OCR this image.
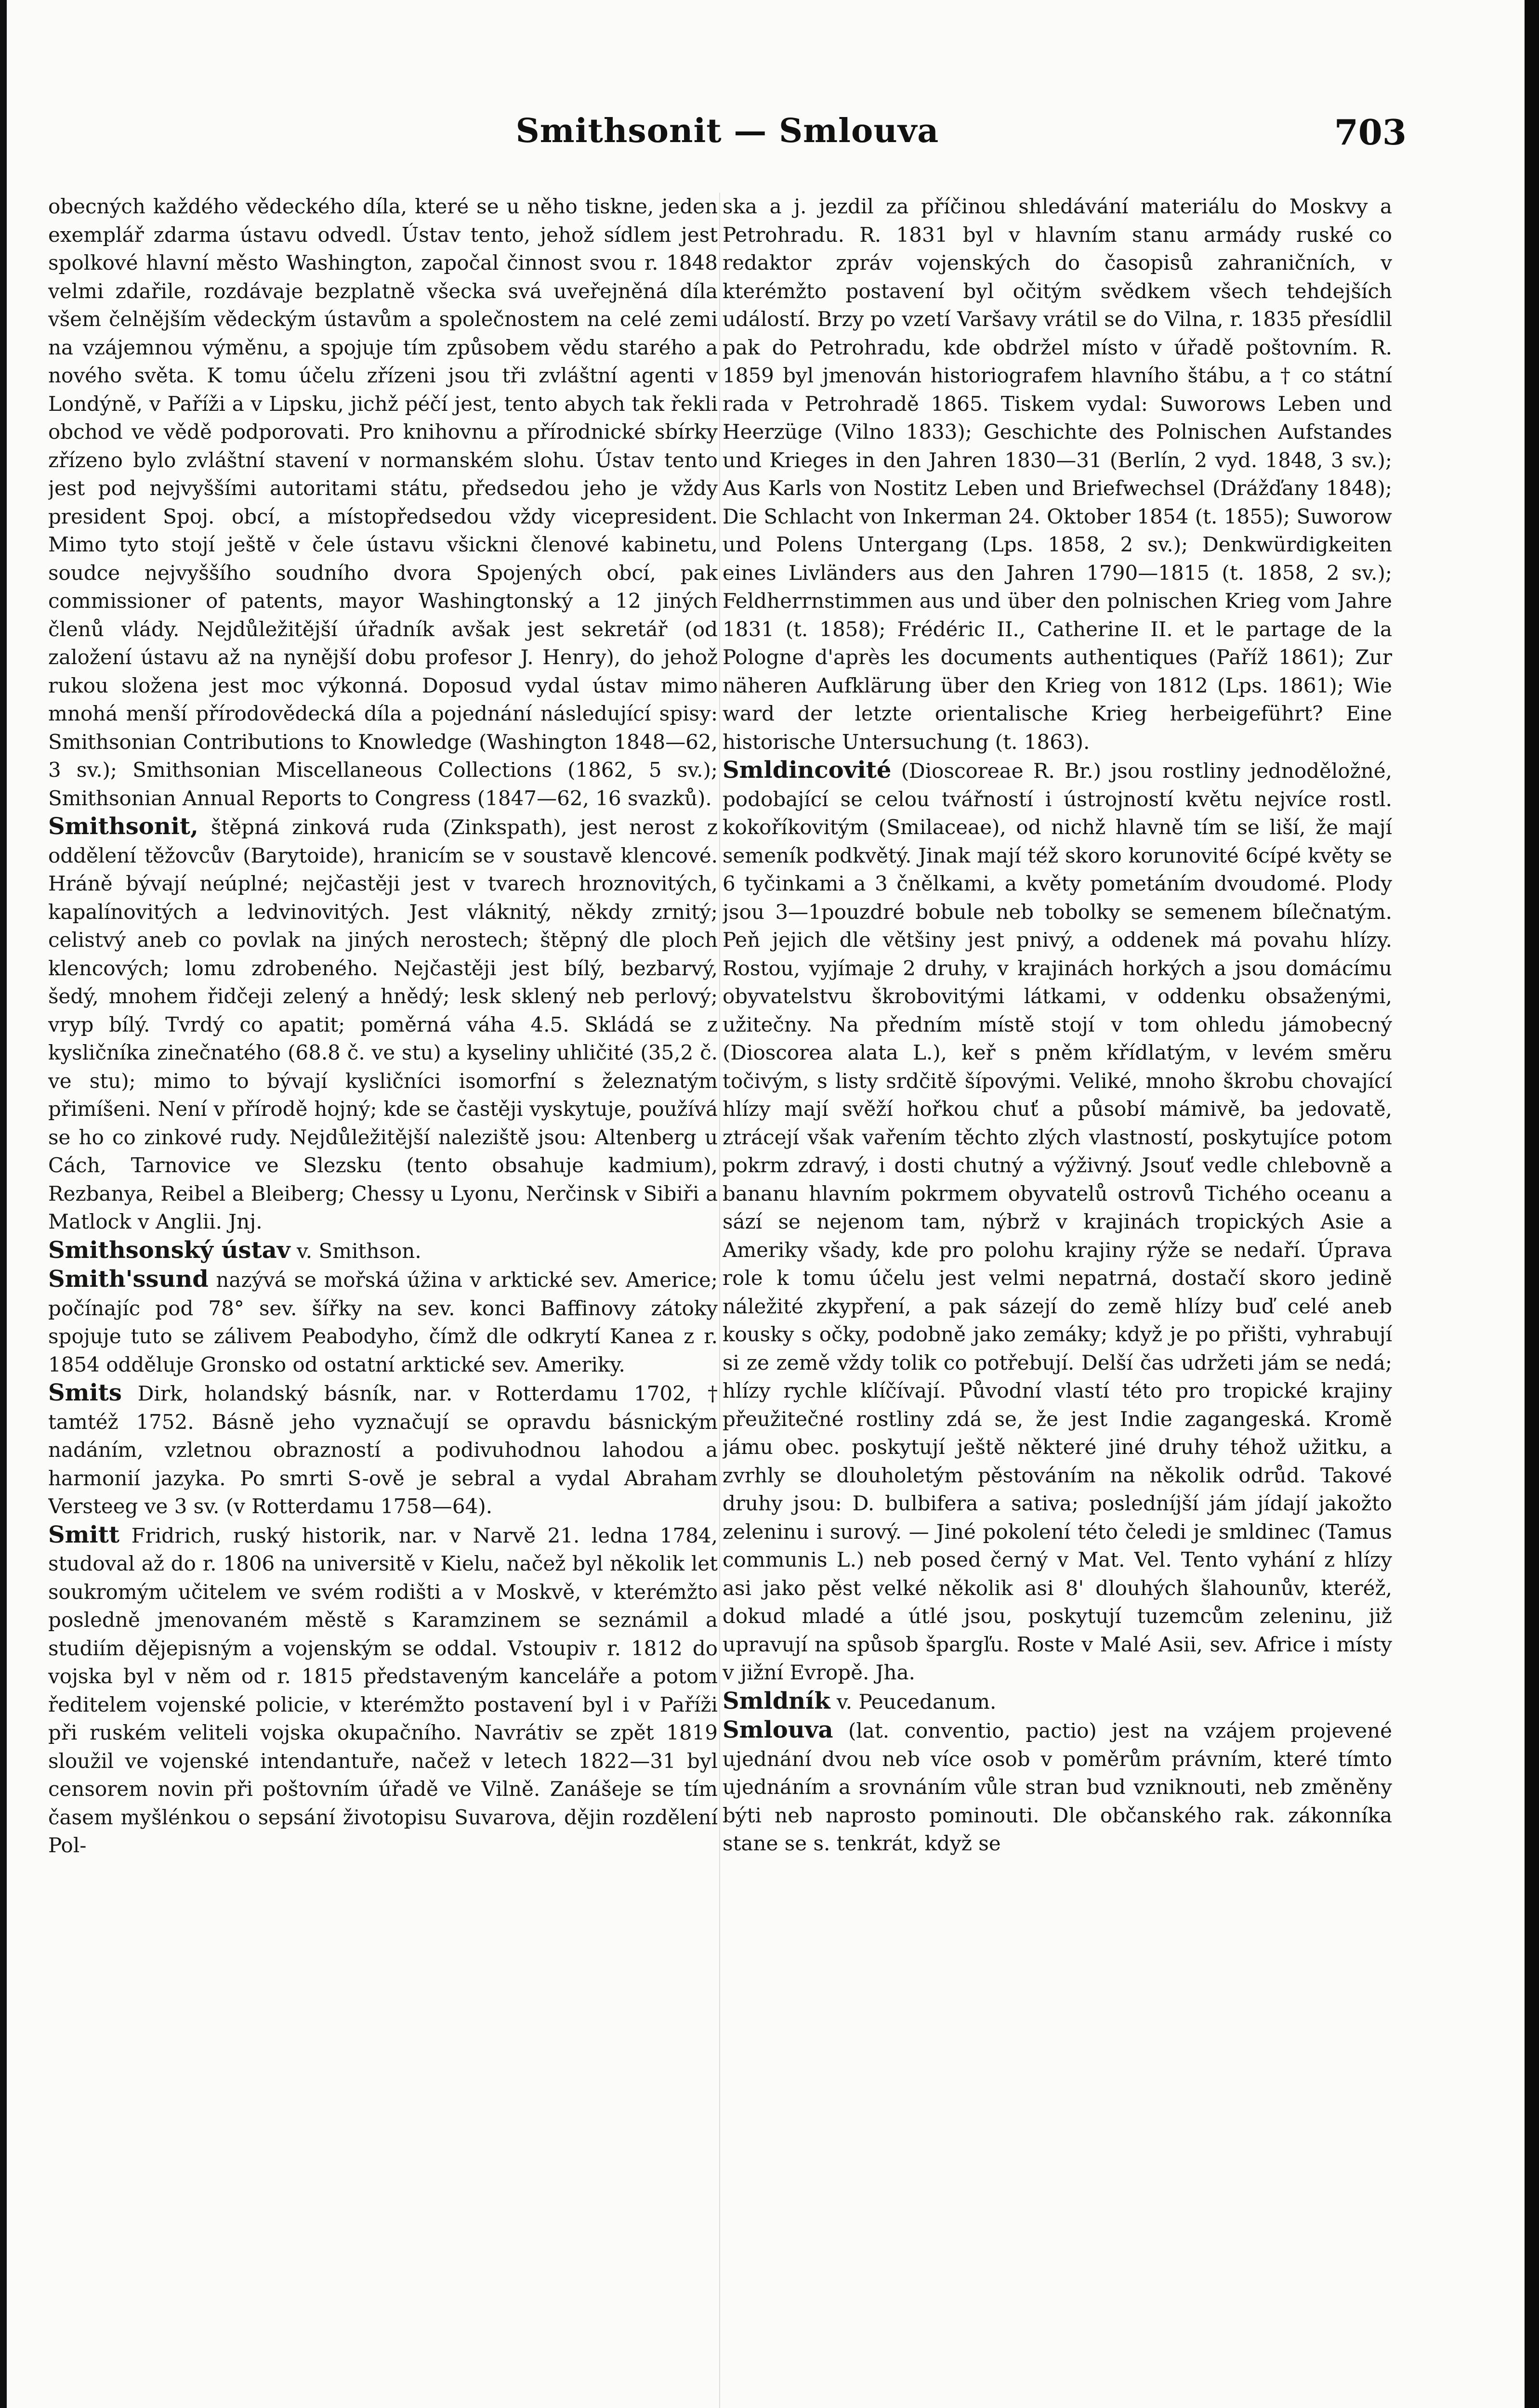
Smithsonit — Smlouva	703

obecných každého vědeckého díla, které se u něho tiskne, jeden exemplář zdarma ústavu odvedl. Ústav tento, jehož sídlem jest spolkové hlavní město Washington, započal činnost svou r. 1848 velmi zdařile, rozdávaje bezplatně všecka svá uveřejněná díla všem čelnějším vědeckým ústavům a společnostem na celé zemi na vzájemnou výměnu, a spojuje tím způsobem vědu starého a nového světa. K tomu účelu zřízeni jsou tři zvláštní agenti v Londýně, v Paříži a v Lipsku, jichž péčí jest, tento abych tak řekli obchod ve vědě podporovati. Pro knihovnu a přírodnické sbírky zřízeno bylo zvláštní stavení v normanském slohu. Ústav tento jest pod nejvyššími autoritami státu, předsedou jeho je vždy president Spoj. obcí, a místopředsedou vždy vicepresident. Mimo tyto stojí ještě v čele ústavu všickni členové kabinetu, soudce nejvyššího soudního dvora Spojených obcí, pak commissioner of patents, mayor Washingtonský a 12 jiných členů vlády. Nejdůležitější úřadník avšak jest sekretář (od založení ústavu až na nynější dobu profesor J. Henry), do jehož rukou složena jest moc výkonná. Doposud vydal ústav mimo mnohá menší přírodovědecká díla a pojednání následující spisy: Smithsonian Contributions to Knowledge (Washington 1848—62, 3 sv.); Smithsonian Miscellaneous Collections (1862, 5 sv.); Smithsonian Annual Reports to Congress (1847—62, 16 svazků).

Smithsonit, štěpná zinková ruda (Zinkspath), jest nerost z oddělení těžovcův (Barytoide), hranicím se v soustavě klencové. Hráně bývají neúplné; nejčastěji jest v tvarech hroznovitých, kapalínovitých a ledvinovitých. Jest vláknitý, někdy zrnitý; celistvý aneb co povlak na jiných nerostech; štěpný dle ploch klencových; lomu zdrobeného. Nejčastěji jest bílý, bezbarvý, šedý, mnohem řidčeji zelený a hnědý; lesk sklený neb perlový; vryp bílý. Tvrdý co apatit; poměrná váha 4.5. Skládá se z kysličníka zinečnatého (68.8 č. ve stu) a kyseliny uhličité (35,2 č. ve stu); mimo to bývají kysličníci isomorfní s železnatým přimíšeni. Není v přírodě hojný; kde se častěji vyskytuje, používá se ho co zinkové rudy. Nejdůležitější naleziště jsou: Altenberg u Cách, Tarnovice ve Slezsku (tento obsahuje kadmium), Rezbanya, Reibel a Bleiberg; Chessy u Lyonu, Nerčinsk v Sibiři a Matlock v Anglii. Jnj.

Smithsonský ústav v. Smithson.

Smith'ssund nazývá se mořská úžina v arktické sev. Americe; počínajíc pod 78° sev. šířky na sev. konci Baffinovy zátoky spojuje tuto se zálivem Peabodyho, čímž dle odkrytí Kanea z r. 1854 odděluje Gronsko od ostatní arktické sev. Ameriky.

Smits Dirk, holandský básník, nar. v Rotterdamu 1702, † tamtéž 1752. Básně jeho vyznačují se opravdu básnickým nadáním, vzletnou obrazností a podivuhodnou lahodou a harmonií jazyka. Po smrti S-ově je sebral a vydal Abraham Versteeg ve 3 sv. (v Rotterdamu 1758—64).

Smitt Fridrich, ruský historik, nar. v Narvě 21. ledna 1784, studoval až do r. 1806 na universitě v Kielu, načež byl několik let soukromým učitelem ve svém rodišti a v Moskvě, v kterémžto posledně jmenovaném městě s Karamzinem se seznámil a studiím dějepisným a vojenským se oddal. Vstoupiv r. 1812 do vojska byl v něm od r. 1815 představeným kanceláře a potom ředitelem vojenské policie, v kterémžto postavení byl i v Paříži při ruském veliteli vojska okupačního. Navrátiv se zpět 1819 sloužil ve vojenské intendantuře, načež v letech 1822—31 byl censorem novin při poštovním úřadě ve Vilně. Zanášeje se tím časem myšlénkou o sepsání životopisu Suvarova, dějin rozdělení Pol-

ska a j. jezdil za příčinou shledávání materiálu do Moskvy a Petrohradu. R. 1831 byl v hlavním stanu armády ruské co redaktor zpráv vojenských do časopisů zahraničních, v kterémžto postavení byl očitým svědkem všech tehdejších událostí. Brzy po vzetí Varšavy vrátil se do Vilna, r. 1835 přesídlil pak do Petrohradu, kde obdržel místo v úřadě poštovním. R. 1859 byl jmenován historiografem hlavního štábu, a † co státní rada v Petrohradě 1865. Tiskem vydal: Suworows Leben und Heerzüge (Vilno 1833); Geschichte des Polnischen Aufstandes und Krieges in den Jahren 1830—31 (Berlín, 2 vyd. 1848, 3 sv.); Aus Karls von Nostitz Leben und Briefwechsel (Drážďany 1848); Die Schlacht von Inkerman 24. Oktober 1854 (t. 1855); Suworow und Polens Untergang (Lps. 1858, 2 sv.); Denkwürdigkeiten eines Livländers aus den Jahren 1790—1815 (t. 1858, 2 sv.); Feldherrnstimmen aus und über den polnischen Krieg vom Jahre 1831 (t. 1858); Frédéric II., Catherine II. et le partage de la Pologne d'après les documents authentiques (Paříž 1861); Zur näheren Aufklärung über den Krieg von 1812 (Lps. 1861); Wie ward der letzte orientalische Krieg herbeigeführt? Eine historische Untersuchung (t. 1863).

Smldincovité (Dioscoreae R. Br.) jsou rostliny jednoděložné, podobající se celou tvářností i ústrojností květu nejvíce rostl. kokoříkovitým (Smilaceae), od nichž hlavně tím se liší, že mají semeník podkvětý. Jinak mají též skoro korunovité 6cípé květy se 6 tyčinkami a 3 čnělkami, a květy pometáním dvoudomé. Plody jsou 3—1pouzdré bobule neb tobolky se semenem bílečnatým. Peň jejich dle většiny jest pnivý, a oddenek má povahu hlízy. Rostou, vyjímaje 2 druhy, v krajinách horkých a jsou domácímu obyvatelstvu škrobovitými látkami, v oddenku obsaženými, užitečny. Na předním místě stojí v tom ohledu jámobecný (Dioscorea alata L.), keř s pněm křídlatým, v levém směru točivým, s listy srdčitě šípovými. Veliké, mnoho škrobu chovající hlízy mají svěží hořkou chuť a působí mámivě, ba jedovatě, ztrácejí však vařením těchto zlých vlastností, poskytujíce potom pokrm zdravý, i dosti chutný a výživný. Jsouť vedle chlebovně a bananu hlavním pokrmem obyvatelů ostrovů Tichého oceanu a sází se nejenom tam, nýbrž v krajinách tropických Asie a Ameriky všady, kde pro polohu krajiny rýže se nedaří. Úprava role k tomu účelu jest velmi nepatrná, dostačí skoro jedině náležité zkypření, a pak sázejí do země hlízy buď celé aneb kousky s očky, podobně jako zemáky; když je po přišti, vyhrabují si ze země vždy tolik co potřebují. Delší čas udržeti jám se nedá; hlízy rychle klíčívají. Původní vlastí této pro tropické krajiny přeužitečné rostliny zdá se, že jest Indie zagangeská. Kromě jámu obec. poskytují ještě některé jiné druhy téhož užitku, a zvrhly se dlouholetým pěstováním na několik odrůd. Takové druhy jsou: D. bulbifera a sativa; posledníjší jám jídají jakožto zeleninu i surový. — Jiné pokolení této čeledi je smldinec (Tamus communis L.) neb posed černý v Mat. Vel. Tento vyhání z hlízy asi jako pěst velké několik asi 8' dlouhých šlahounův, kteréž, dokud mladé a útlé jsou, poskytují tuzemcům zeleninu, již upravují na spůsob špargľu. Roste v Malé Asii, sev. Africe i místy v jižní Evropě. Jha.

Smldník v. Peucedanum.

Smlouva (lat. conventio, pactio) jest na vzájem projevené ujednání dvou neb více osob v poměrům právním, které tímto ujednáním a srovnáním vůle stran bud vzniknouti, neb změněny býti neb naprosto pominouti. Dle občanského rak. zákonníka stane se s. tenkrát, když se
